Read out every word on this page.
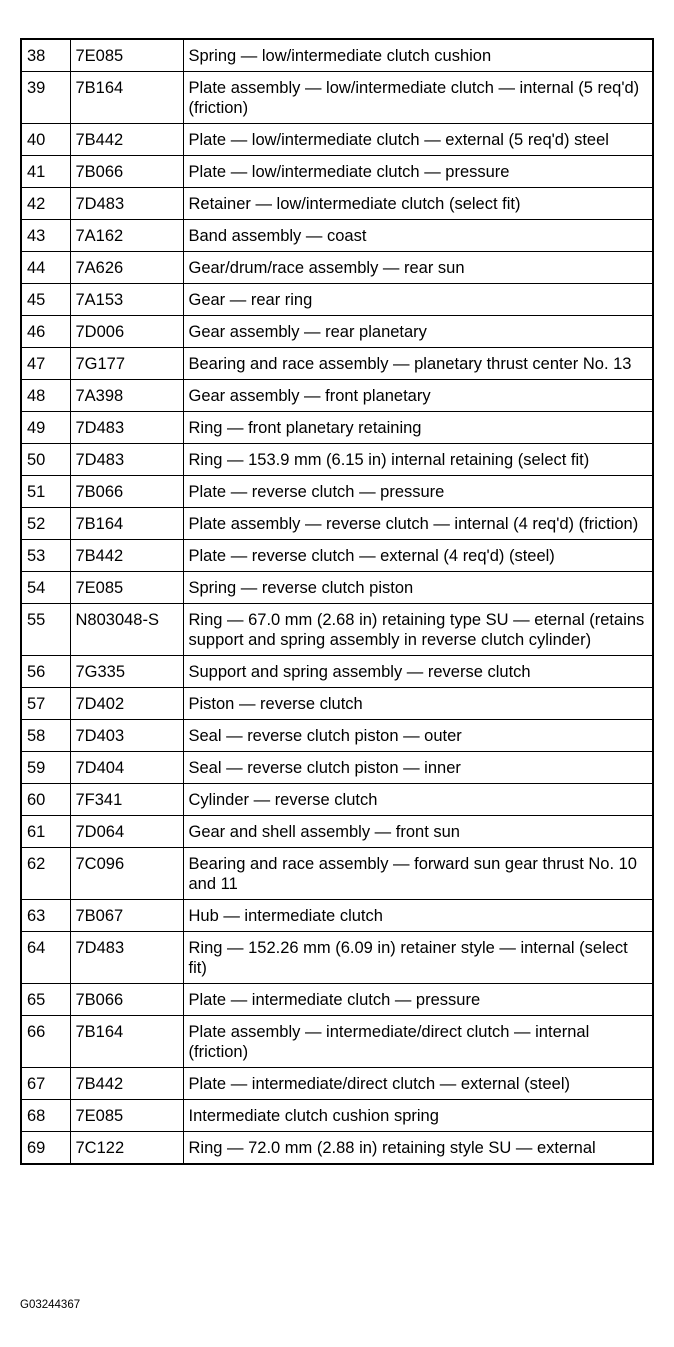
38	7E085	Spring — low/intermediate clutch cushion
39	7B164	Plate assembly — low/intermediate clutch — internal (5 req'd) (friction)
40	7B442	Plate — low/intermediate clutch — external (5 req'd) steel
41	7B066	Plate — low/intermediate clutch — pressure
42	7D483	Retainer — low/intermediate clutch (select fit)
43	7A162	Band assembly — coast
44	7A626	Gear/drum/race assembly — rear sun
45	7A153	Gear — rear ring
46	7D006	Gear assembly — rear planetary
47	7G177	Bearing and race assembly — planetary thrust center No. 13
48	7A398	Gear assembly — front planetary
49	7D483	Ring — front planetary retaining
50	7D483	Ring — 153.9 mm (6.15 in) internal retaining (select fit)
51	7B066	Plate — reverse clutch — pressure
52	7B164	Plate assembly — reverse clutch — internal (4 req'd) (friction)
53	7B442	Plate — reverse clutch — external (4 req'd) (steel)
54	7E085	Spring — reverse clutch piston
55	N803048-S	Ring — 67.0 mm (2.68 in) retaining type SU — eternal (retains support and spring assembly in reverse clutch cylinder)
56	7G335	Support and spring assembly — reverse clutch
57	7D402	Piston — reverse clutch
58	7D403	Seal — reverse clutch piston — outer
59	7D404	Seal — reverse clutch piston — inner
60	7F341	Cylinder — reverse clutch
61	7D064	Gear and shell assembly — front sun
62	7C096	Bearing and race assembly — forward sun gear thrust No. 10 and 11
63	7B067	Hub — intermediate clutch
64	7D483	Ring — 152.26 mm (6.09 in) retainer style — internal (select fit)
65	7B066	Plate — intermediate clutch — pressure
66	7B164	Plate assembly — intermediate/direct clutch — internal (friction)
67	7B442	Plate — intermediate/direct clutch — external (steel)
68	7E085	Intermediate clutch cushion spring
69	7C122	Ring — 72.0 mm (2.88 in) retaining style SU — external
G03244367
